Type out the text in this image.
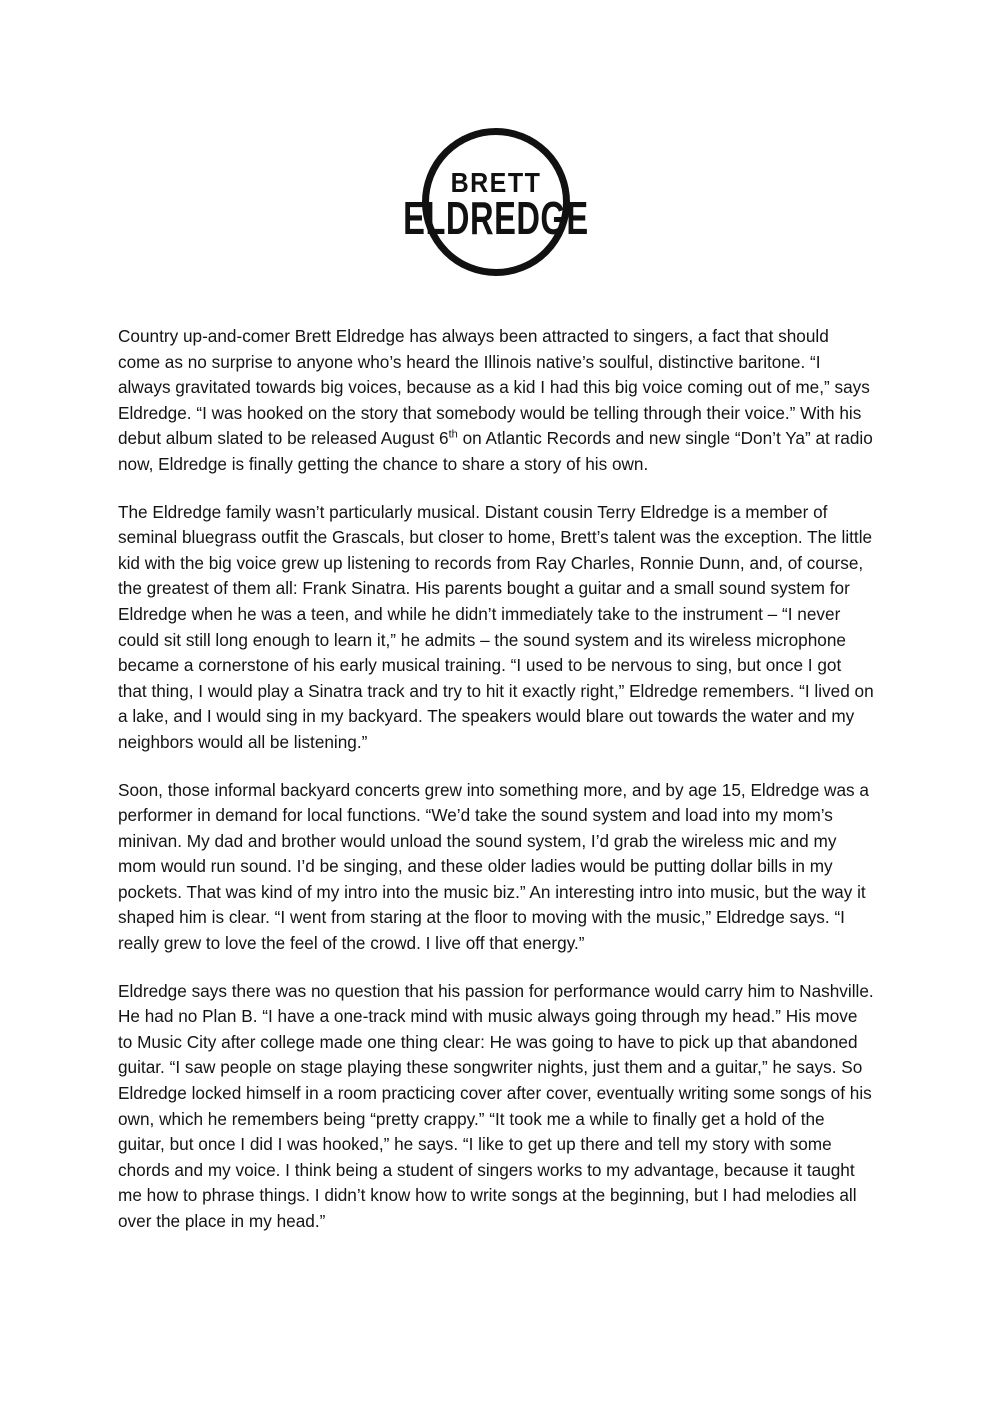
BRETT
ELDREDGE

Country up-and-comer Brett Eldredge has always been attracted to singers, a fact that should come as no surprise to anyone who’s heard the Illinois native’s soulful, distinctive baritone. “I always gravitated towards big voices, because as a kid I had this big voice coming out of me,” says Eldredge. “I was hooked on the story that somebody would be telling through their voice.” With his debut album slated to be released August 6th on Atlantic Records and new single “Don’t Ya” at radio now, Eldredge is finally getting the chance to share a story of his own.

The Eldredge family wasn’t particularly musical. Distant cousin Terry Eldredge is a member of seminal bluegrass outfit the Grascals, but closer to home, Brett’s talent was the exception. The little kid with the big voice grew up listening to records from Ray Charles, Ronnie Dunn, and, of course, the greatest of them all: Frank Sinatra. His parents bought a guitar and a small sound system for Eldredge when he was a teen, and while he didn’t immediately take to the instrument – “I never could sit still long enough to learn it,” he admits – the sound system and its wireless microphone became a cornerstone of his early musical training. “I used to be nervous to sing, but once I got that thing, I would play a Sinatra track and try to hit it exactly right,” Eldredge remembers. “I lived on a lake, and I would sing in my backyard. The speakers would blare out towards the water and my neighbors would all be listening.”

Soon, those informal backyard concerts grew into something more, and by age 15, Eldredge was a performer in demand for local functions. “We’d take the sound system and load into my mom’s minivan. My dad and brother would unload the sound system, I’d grab the wireless mic and my mom would run sound. I’d be singing, and these older ladies would be putting dollar bills in my pockets. That was kind of my intro into the music biz.” An interesting intro into music, but the way it shaped him is clear. “I went from staring at the floor to moving with the music,” Eldredge says. “I really grew to love the feel of the crowd. I live off that energy.”

Eldredge says there was no question that his passion for performance would carry him to Nashville. He had no Plan B. “I have a one-track mind with music always going through my head.” His move to Music City after college made one thing clear: He was going to have to pick up that abandoned guitar. “I saw people on stage playing these songwriter nights, just them and a guitar,” he says. So Eldredge locked himself in a room practicing cover after cover, eventually writing some songs of his own, which he remembers being “pretty crappy.” “It took me a while to finally get a hold of the guitar, but once I did I was hooked,” he says. “I like to get up there and tell my story with some chords and my voice. I think being a student of singers works to my advantage, because it taught me how to phrase things. I didn’t know how to write songs at the beginning, but I had melodies all over the place in my head.”
